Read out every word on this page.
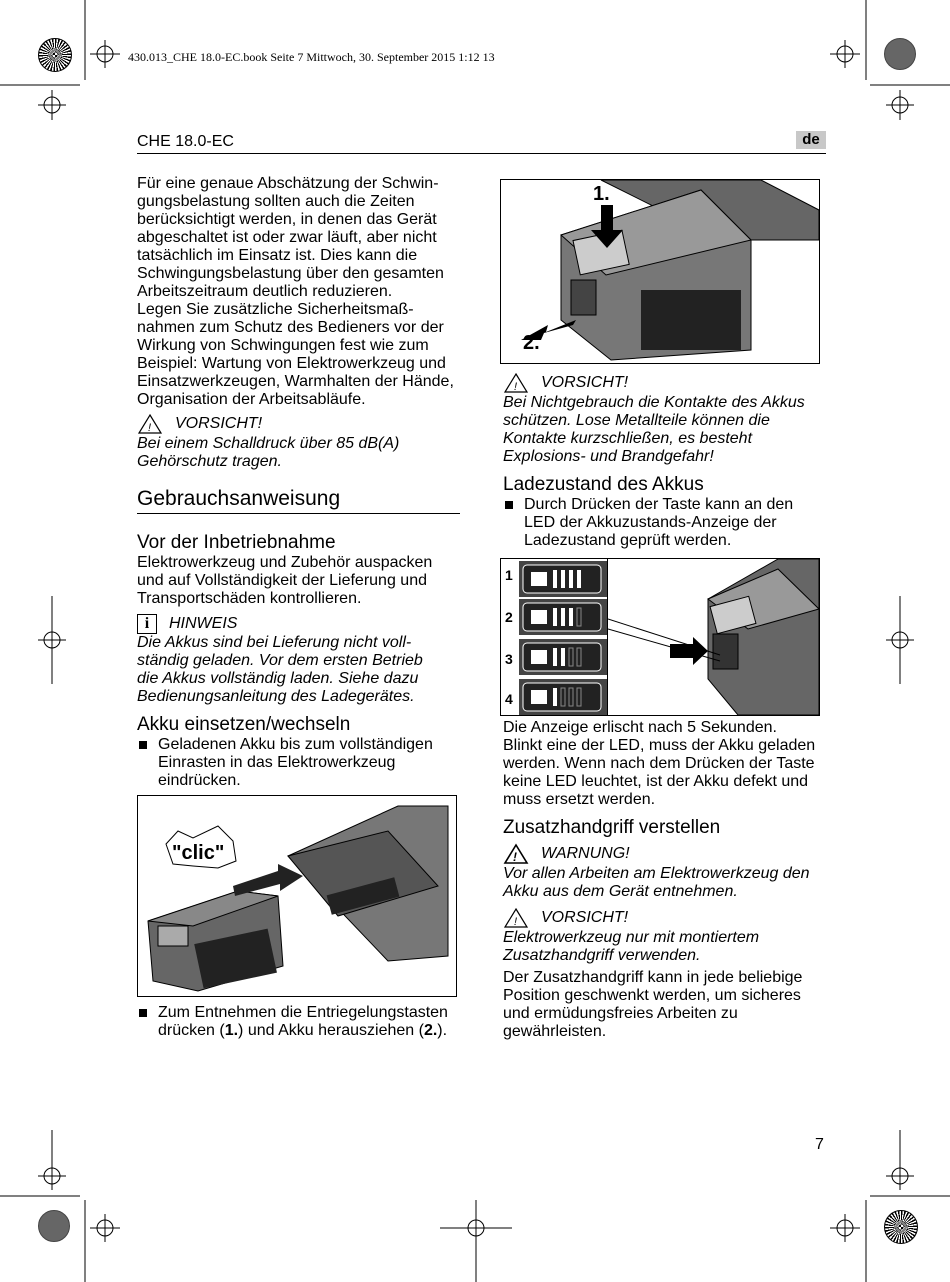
430.013_CHE 18.0-EC.book Seite 7 Mittwoch, 30. September 2015 1:12 13
CHE 18.0-EC	de

Für eine genaue Abschätzung der Schwin-

gungsbelastung sollten auch die Zeiten

berücksichtigt werden, in denen das Gerät

abgeschaltet ist oder zwar läuft, aber nicht

tatsächlich im Einsatz ist. Dies kann die

Schwingungsbelastung über den gesamten

Arbeitszeitraum deutlich reduzieren.

Legen Sie zusätzliche Sicherheitsmaß-

nahmen zum Schutz des Bedieners vor der

Wirkung von Schwingungen fest wie zum

Beispiel: Wartung von Elektrowerkzeug und

Einsatzwerkzeugen, Warmhalten der Hände,

Organisation der Arbeitsabläufe.

! VORSICHT!

Bei einem Schalldruck über 85 dB(A)

Gehörschutz tragen.

Gebrauchsanweisung
Vor der Inbetriebnahme

Elektrowerkzeug und Zubehör auspacken

und auf Vollständigkeit der Lieferung und

Transportschäden kontrollieren.

i	HINWEIS

Die Akkus sind bei Lieferung nicht voll-

ständig geladen. Vor dem ersten Betrieb

die Akkus vollständig laden. Siehe dazu

Bedienungsanleitung des Ladegerätes.

Akku einsetzen/wechseln

Geladenen Akku bis zum vollständigen

Einrasten in das Elektrowerkzeug

eindrücken.

"clic"

Zum Entnehmen die Entriegelungstasten

drücken (1.) und Akku herausziehen (2.).

1.
2.
! VORSICHT!

Bei Nichtgebrauch die Kontakte des Akkus

schützen. Lose Metallteile können die

Kontakte kurzschließen, es besteht

Explosions- und Brandgefahr!

Ladezustand des Akkus

Durch Drücken der Taste kann an den

LED der Akkuzustands-Anzeige der

Ladezustand geprüft werden.

1
2
3
4

Die Anzeige erlischt nach 5 Sekunden.

Blinkt eine der LED, muss der Akku geladen

werden. Wenn nach dem Drücken der Taste

keine LED leuchtet, ist der Akku defekt und

muss ersetzt werden.

Zusatzhandgriff verstellen
! WARNUNG!

Vor allen Arbeiten am Elektrowerkzeug den

Akku aus dem Gerät entnehmen.

! VORSICHT!

Elektrowerkzeug nur mit montiertem

Zusatzhandgriff verwenden.

Der Zusatzhandgriff kann in jede beliebige

Position geschwenkt werden, um sicheres

und ermüdungsfreies Arbeiten zu

gewährleisten.

7
